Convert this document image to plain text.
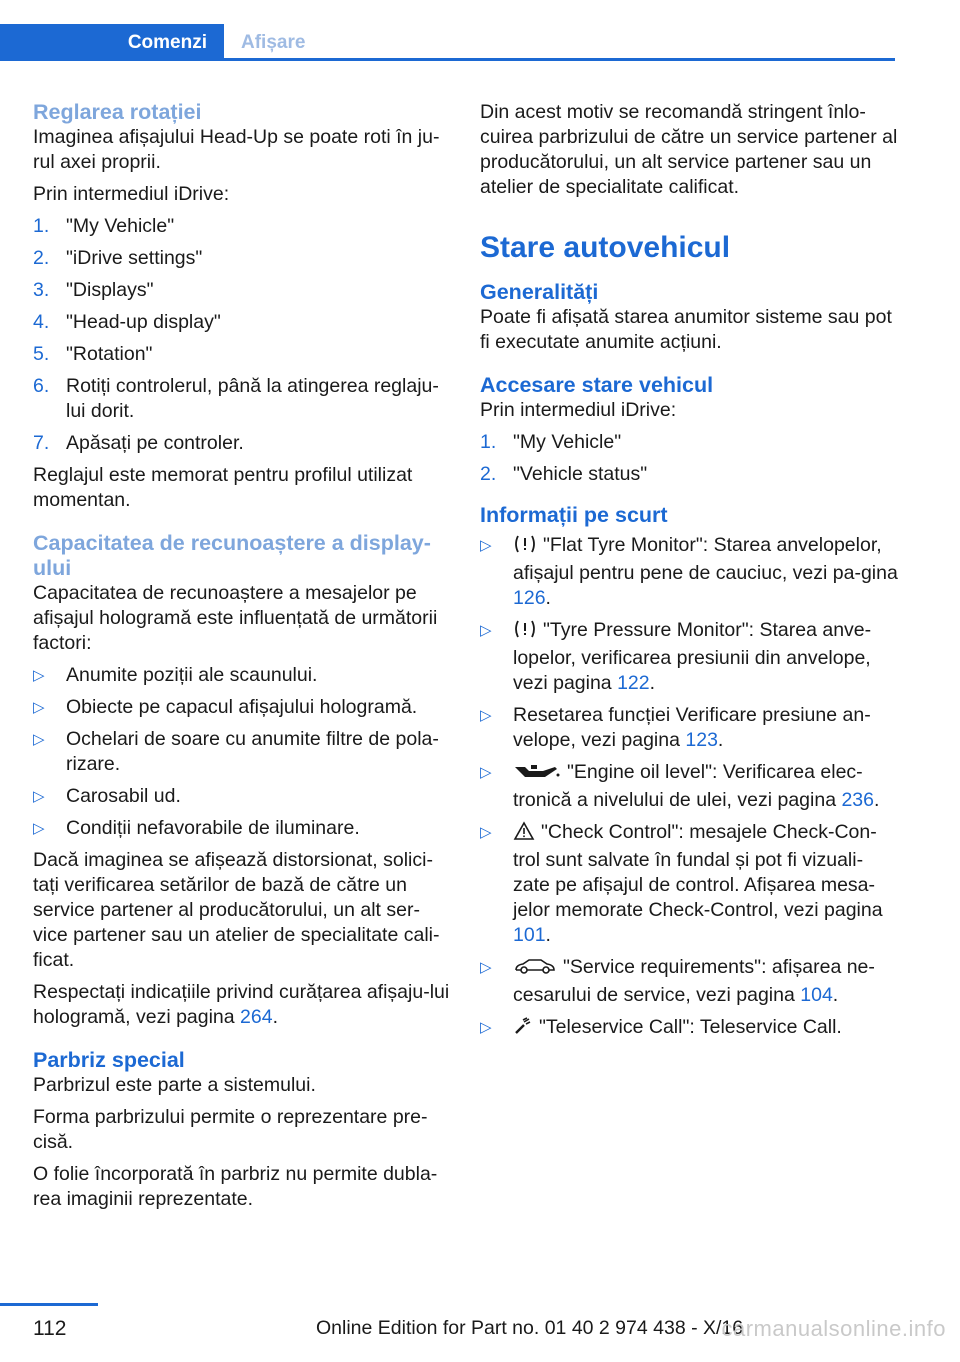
Comenzi	Afișare
Reglarea rotației

Imaginea afișajului Head-Up se poate roti în ju-rul axei proprii.

Prin intermediul iDrive:

1. "My Vehicle"
2. "iDrive settings"
3. "Displays"
4. "Head-up display"
5. "Rotation"
6. Rotiți controlerul, până la atingerea reglaju-lui dorit.
7. Apăsați pe controler.

Reglajul este memorat pentru profilul utilizat momentan.

Capacitatea de recunoaștere a display-ului

Capacitatea de recunoaștere a mesajelor pe afișajul hologramă este influențată de următorii factori:

▷ Anumite poziții ale scaunului.
▷ Obiecte pe capacul afișajului hologramă.
▷ Ochelari de soare cu anumite filtre de pola-rizare.
▷ Carosabil ud.
▷ Condiții nefavorabile de iluminare.

Dacă imaginea se afișează distorsionat, solici-tați verificarea setărilor de bază de către un service partener al producătorului, un alt ser-vice partener sau un atelier de specialitate cali-ficat.

Respectați indicațiile privind curățarea afișaju-lui hologramă, vezi pagina 264.

Parbriz special

Parbrizul este parte a sistemului.

Forma parbrizului permite o reprezentare pre-cisă.

O folie încorporată în parbriz nu permite dubla-rea imaginii reprezentate.

Din acest motiv se recomandă stringent înlo-cuirea parbrizului de către un service partener al producătorului, un alt service partener sau un atelier de specialitate calificat.

Stare autovehicul
Generalități

Poate fi afișată starea anumitor sisteme sau pot fi executate anumite acțiuni.

Accesare stare vehicul

Prin intermediul iDrive:

1. "My Vehicle"
2. "Vehicle status"
Informații pe scurt
▷	"Flat Tyre Monitor": Starea anvelopelor, afișajul pentru pene de cauciuc, vezi pa-gina 126.
▷	"Tyre Pressure Monitor": Starea anve-lopelor, verificarea presiunii din anvelope, vezi pagina 122.
▷ Resetarea funcției Verificare presiune an-velope, vezi pagina 123.
▷	"Engine oil level": Verificarea elec-tronică a nivelului de ulei, vezi pagina 236.
▷	"Check Control": mesajele Check-Con-trol sunt salvate în fundal și pot fi vizuali-zate pe afișajul de control. Afișarea mesa-jelor memorate Check-Control, vezi pagina 101.
▷	"Service requirements": afișarea ne-cesarului de service, vezi pagina 104.
▷ "Teleservice Call": Teleservice Call.
112	Online Edition for Part no. 01 40 2 974 438 - X/16
carmanualsonline.info
